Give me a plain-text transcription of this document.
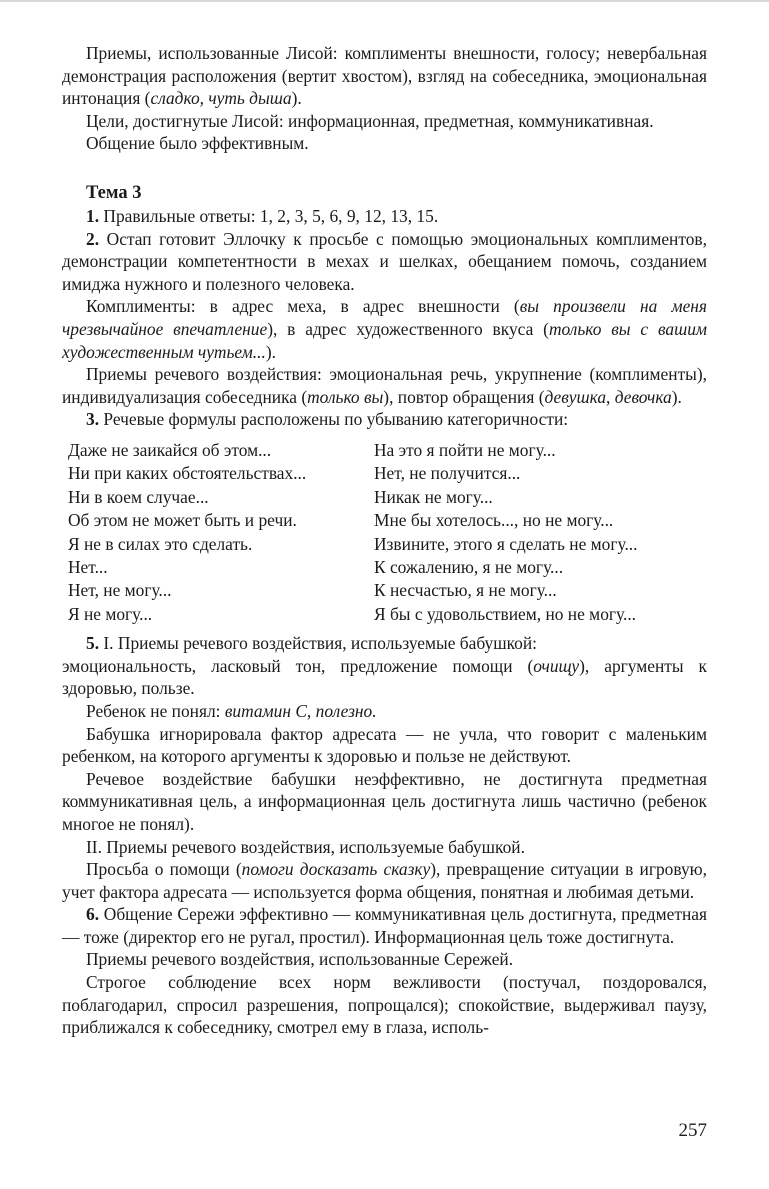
Приемы, использованные Лисой: комплименты внешности, голосу; невербальная демонстрация расположения (вертит хвостом), взгляд на собеседника, эмоциональная интонация (сладко, чуть дыша).

Цели, достигнутые Лисой: информационная, предметная, коммуникативная.

Общение было эффективным.

Тема 3

1. Правильные ответы: 1, 2, 3, 5, 6, 9, 12, 13, 15.

2. Остап готовит Эллочку к просьбе с помощью эмоциональных комплиментов, демонстрации компетентности в мехах и шелках, обещанием помочь, созданием имиджа нужного и полезного человека.

Комплименты: в адрес меха, в адрес внешности (вы произвели на меня чрезвычайное впечатление), в адрес художественного вкуса (только вы с вашим художественным чутьем...).

Приемы речевого воздействия: эмоциональная речь, укрупнение (комплименты), индивидуализация собеседника (только вы), повтор обращения (девушка, девочка).

3. Речевые формулы расположены по убыванию категоричности:

Даже не заикайся об этом...	На это я пойти не могу...
Ни при каких обстоятельствах...	Нет, не получится...
Ни в коем случае...	Никак не могу...
Об этом не может быть и речи.	Мне бы хотелось..., но не могу...
Я не в силах это сделать.	Извините, этого я сделать не могу...
Нет...	К сожалению, я не могу...
Нет, не могу...	К несчастью, я не могу...
Я не могу...	Я бы с удовольствием, но не могу...

5. I. Приемы речевого воздействия, используемые бабушкой:

эмоциональность, ласковый тон, предложение помощи (очищу), аргументы к здоровью, пользе.

Ребенок не понял: витамин С, полезно.

Бабушка игнорировала фактор адресата — не учла, что говорит с маленьким ребенком, на которого аргументы к здоровью и пользе не действуют.

Речевое воздействие бабушки неэффективно, не достигнута предметная коммуникативная цель, а информационная цель достигнута лишь частично (ребенок многое не понял).

II. Приемы речевого воздействия, используемые бабушкой.

Просьба о помощи (помоги досказать сказку), превращение ситуации в игровую, учет фактора адресата — используется форма общения, понятная и любимая детьми.

6. Общение Сережи эффективно — коммуникативная цель достигнута, предметная — тоже (директор его не ругал, простил). Информационная цель тоже достигнута.

Приемы речевого воздействия, использованные Сережей.

Строгое соблюдение всех норм вежливости (постучал, поздоровался, поблагодарил, спросил разрешения, попрощался); спокойствие, выдерживал паузу, приближался к собеседнику, смотрел ему в глаза, исполь-

257
